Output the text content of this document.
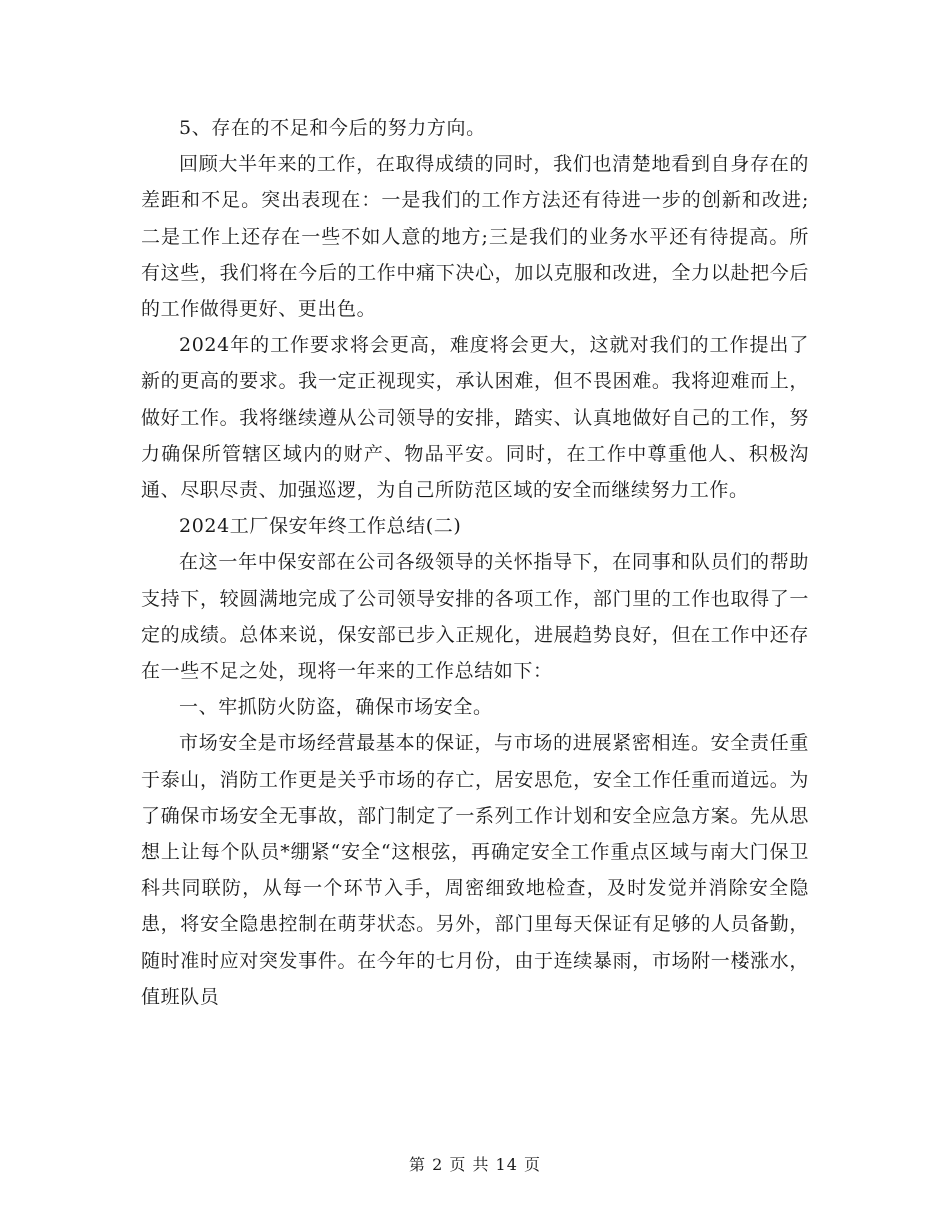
5、存在的不足和今后的努力方向。

回顾大半年来的工作，在取得成绩的同时，我们也清楚地看到自身存在的差距和不足。突出表现在：一是我们的工作方法还有待进一步的创新和改进;二是工作上还存在一些不如人意的地方;三是我们的业务水平还有待提高。所有这些，我们将在今后的工作中痛下决心，加以克服和改进，全力以赴把今后的工作做得更好、更出色。

2024年的工作要求将会更高，难度将会更大，这就对我们的工作提出了新的更高的要求。我一定正视现实，承认困难，但不畏困难。我将迎难而上，做好工作。我将继续遵从公司领导的安排，踏实、认真地做好自己的工作，努力确保所管辖区域内的财产、物品平安。同时，在工作中尊重他人、积极沟通、尽职尽责、加强巡逻，为自己所防范区域的安全而继续努力工作。

2024工厂保安年终工作总结(二)

在这一年中保安部在公司各级领导的关怀指导下，在同事和队员们的帮助支持下，较圆满地完成了公司领导安排的各项工作，部门里的工作也取得了一定的成绩。总体来说，保安部已步入正规化，进展趋势良好，但在工作中还存在一些不足之处，现将一年来的工作总结如下：

一、牢抓防火防盗，确保市场安全。

市场安全是市场经营最基本的保证，与市场的进展紧密相连。安全责任重于泰山，消防工作更是关乎市场的存亡，居安思危，安全工作任重而道远。为了确保市场安全无事故，部门制定了一系列工作计划和安全应急方案。先从思想上让每个队员*绷紧“安全“这根弦，再确定安全工作重点区域与南大门保卫科共同联防，从每一个环节入手，周密细致地检查，及时发觉并消除安全隐患，将安全隐患控制在萌芽状态。另外，部门里每天保证有足够的人员备勤，随时准时应对突发事件。在今年的七月份，由于连续暴雨，市场附一楼涨水，值班队员

第 2 页 共 14 页
